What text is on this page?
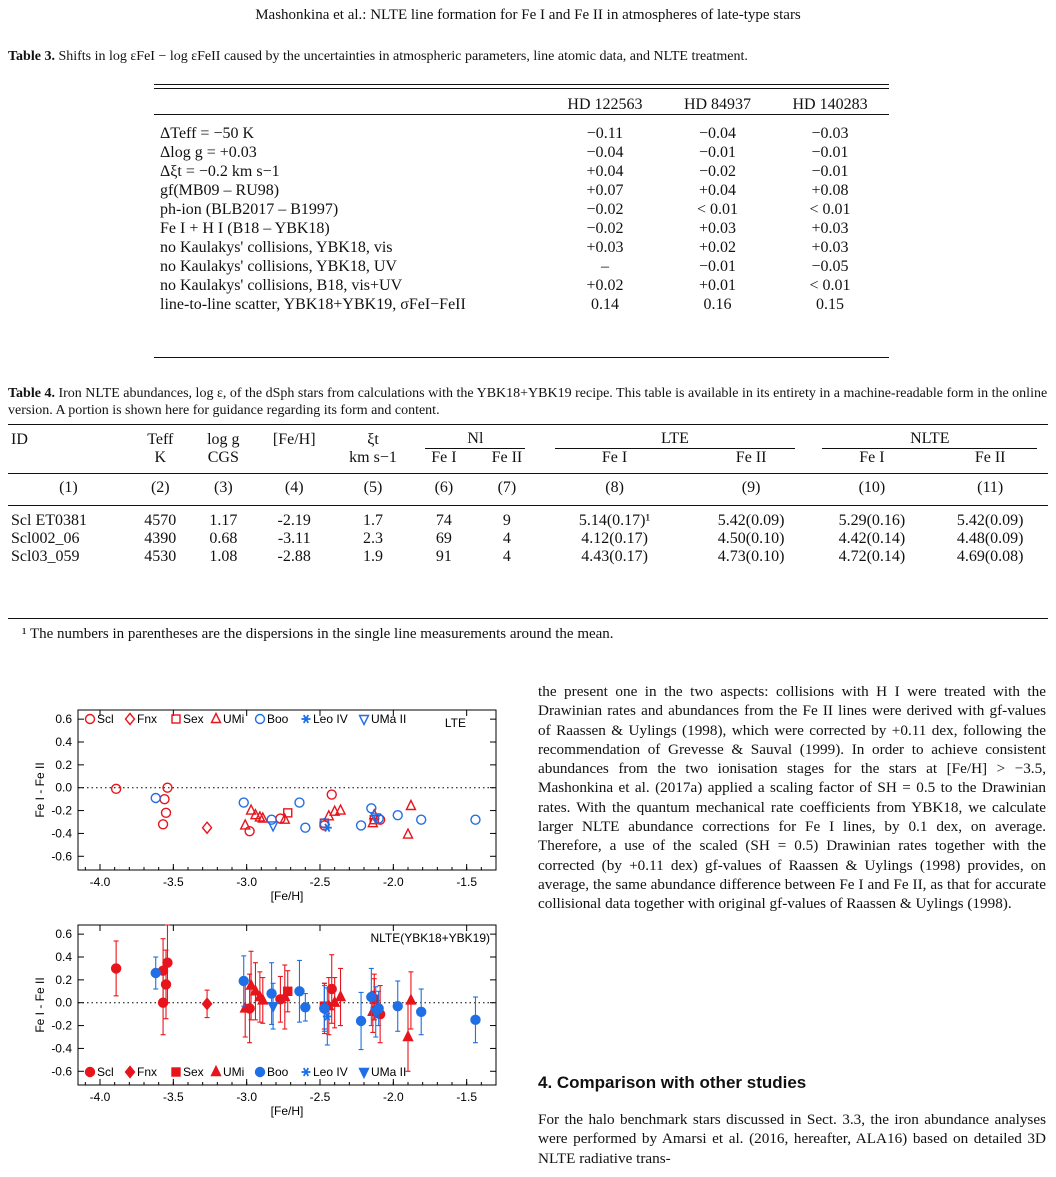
Mashonkina et al.: NLTE line formation for Fe I and Fe II in atmospheres of late-type stars
Table 3. Shifts in log εFeI − log εFeII caused by the uncertainties in atmospheric parameters, line atomic data, and NLTE treatment.
	HD 122563	HD 84937	HD 140283

ΔTeff = −50 K	−0.11	−0.04	−0.03
Δlog g = +0.03	−0.04	−0.01	−0.01
Δξt = −0.2 km s−1	+0.04	−0.02	−0.01
gf(MB09 – RU98)	+0.07	+0.04	+0.08
ph-ion (BLB2017 – B1997)	−0.02	< 0.01	< 0.01
Fe I + H I (B18 – YBK18)	−0.02	+0.03	+0.03
no Kaulakys' collisions, YBK18, vis	+0.03	+0.02	+0.03
no Kaulakys' collisions, YBK18, UV	–	−0.01	−0.05
no Kaulakys' collisions, B18, vis+UV	+0.02	+0.01	< 0.01
line-to-line scatter, YBK18+YBK19, σFeI−FeII	0.14	0.16	0.15
Table 4. Iron NLTE abundances, log ε, of the dSph stars from calculations with the YBK18+YBK19 recipe. This table is available in its entirety in a machine-readable form in the online version. A portion is shown here for guidance regarding its form and content.
ID	Teff	log g	[Fe/H]	ξt	Nl		LTE		NLTE	
	K	CGS		km s−1	Fe I	Fe II	Fe I	Fe II	Fe I	Fe II

(1)	(2)	(3)	(4)	(5)	(6)	(7)	(8)	(9)	(10)	(11)

Scl ET0381	4570	1.17	-2.19	1.7	74	9	5.14(0.17)¹	5.42(0.09)	5.29(0.16)	5.42(0.09)
Scl002_06	4390	0.68	-3.11	2.3	69	4	4.12(0.17)	4.50(0.10)	4.42(0.14)	4.48(0.09)
Scl03_059	4530	1.08	-2.88	1.9	91	4	4.43(0.17)	4.73(0.10)	4.72(0.14)	4.69(0.08)
¹ The numbers in parentheses are the dispersions in the single line measurements around the mean.
-4.0	-3.5	-3.0	-2.5	-2.0	-1.5
0.6
0.4
0.2
0.0
-0.2
-0.4
-0.6
[Fe/H]
Fe I - Fe II
LTE
Scl Fnx Sex UMi Boo Leo IV UMa II
-4.0	-3.5	-3.0	-2.5	-2.0	-1.5
0.6
0.4
0.2
0.0
-0.2
-0.4
-0.6
[Fe/H]
Fe I - Fe II
NLTE(YBK18+YBK19)
Scl Fnx Sex UMi Boo Leo IV UMa II
the present one in the two aspects: collisions with H I were treated with the Drawinian rates and abundances from the Fe II lines were derived with gf-values of Raassen & Uylings (1998), which were corrected by +0.11 dex, following the recommendation of Grevesse & Sauval (1999). In order to achieve consistent abundances from the two ionisation stages for the stars at [Fe/H] > −3.5, Mashonkina et al. (2017a) applied a scaling factor of SH = 0.5 to the Drawinian rates. With the quantum mechanical rate coefficients from YBK18, we calculate larger NLTE abundance corrections for Fe I lines, by 0.1 dex, on average. Therefore, a use of the scaled (SH = 0.5) Drawinian rates together with the corrected (by +0.11 dex) gf-values of Raassen & Uylings (1998) provides, on average, the same abundance difference between Fe I and Fe II, as that for accurate collisional data together with original gf-values of Raassen & Uylings (1998).
4. Comparison with other studies
For the halo benchmark stars discussed in Sect. 3.3, the iron abundance analyses were performed by Amarsi et al. (2016, hereafter, ALA16) based on detailed 3D NLTE radiative trans-
